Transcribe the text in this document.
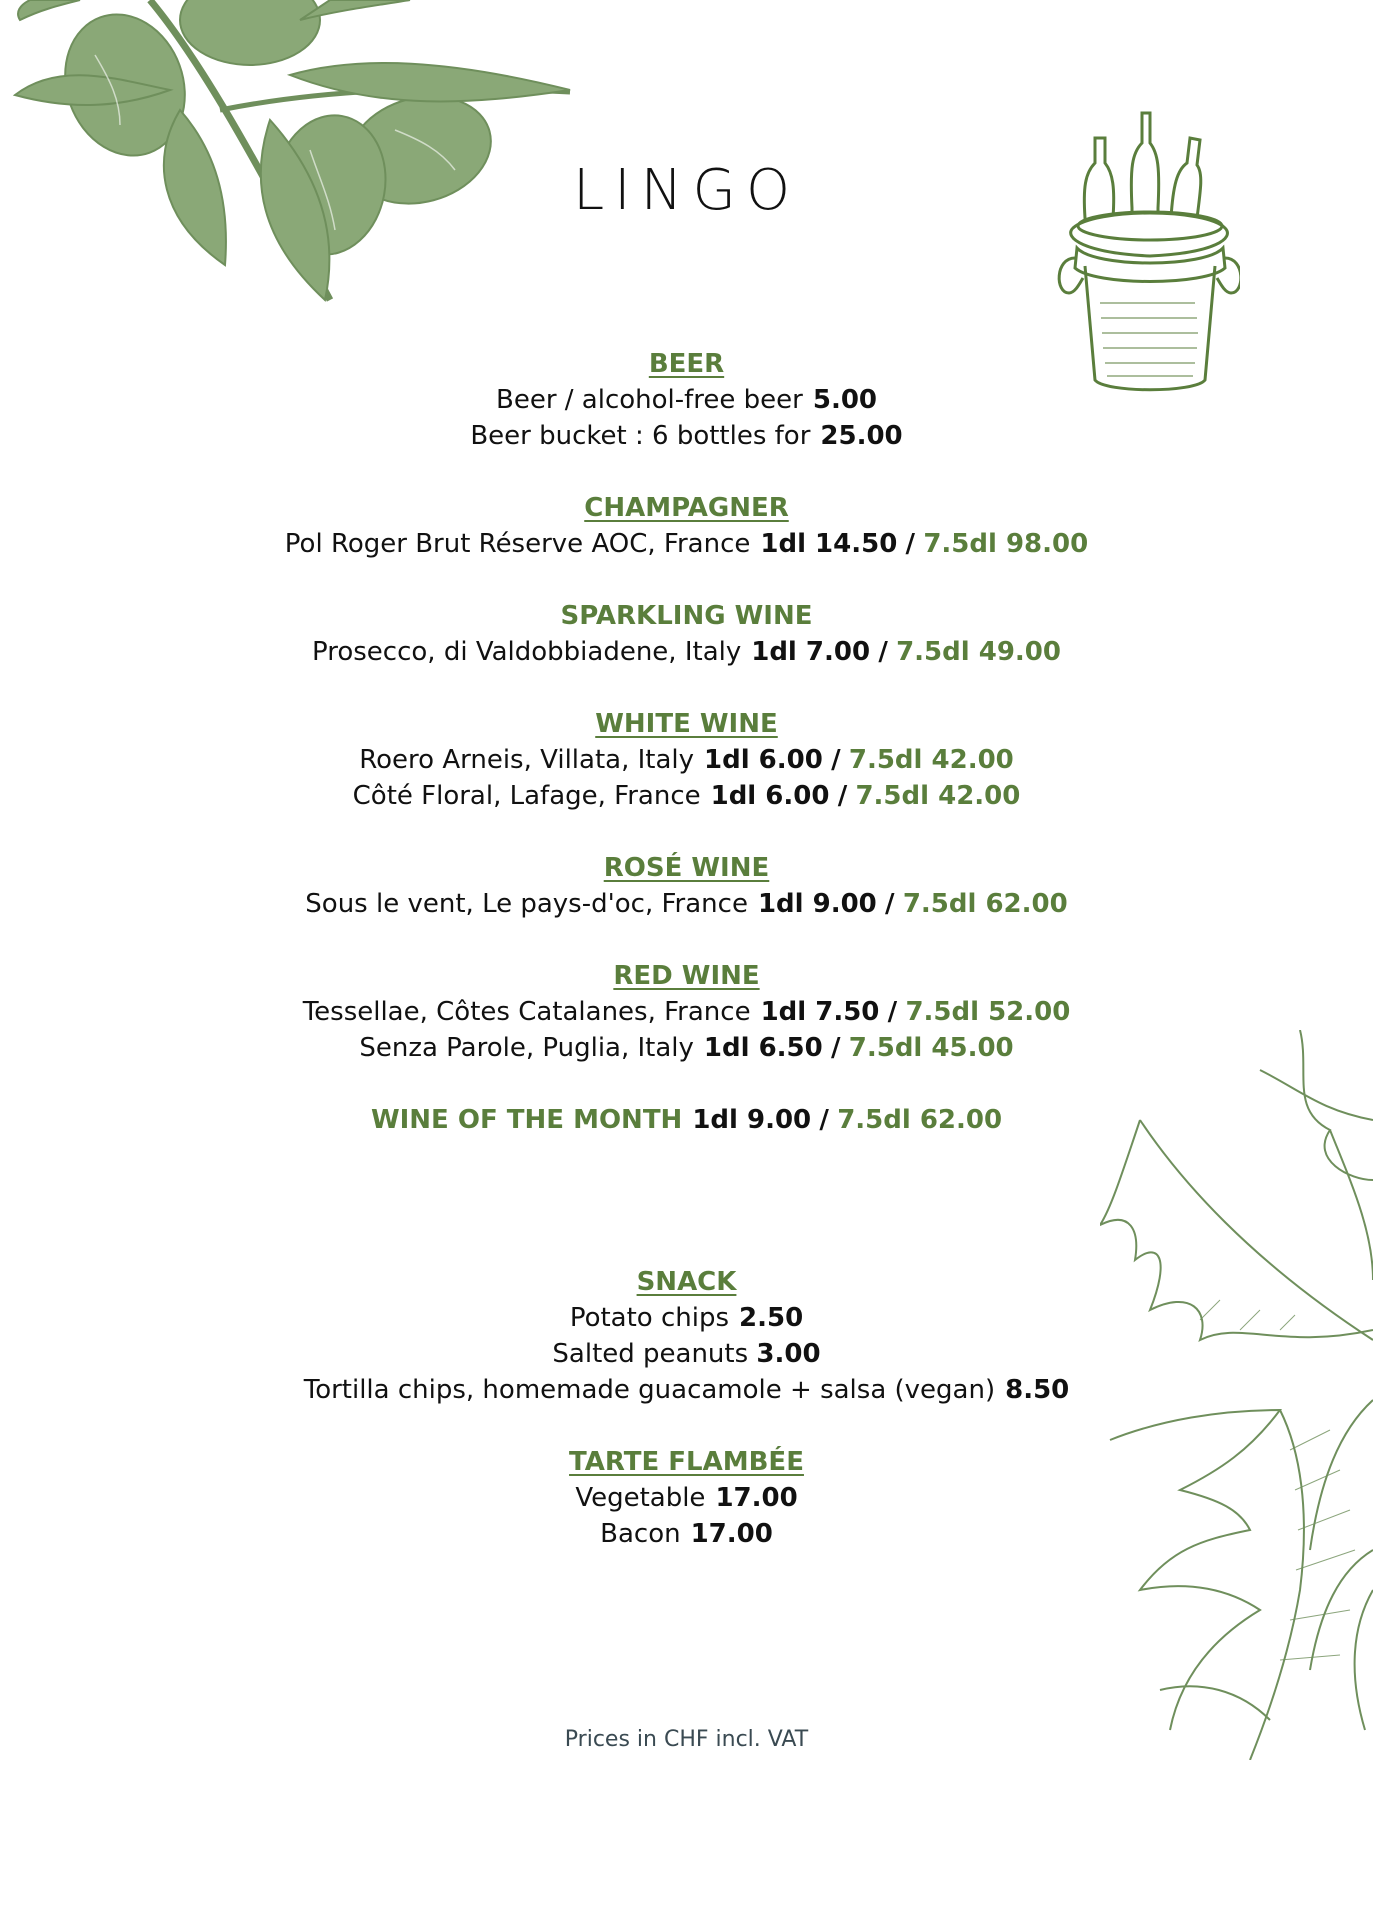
LINGO
BEER
Beer / alcohol-free beer 5.00
Beer bucket : 6 bottles for 25.00
CHAMPAGNER
Pol Roger Brut Réserve AOC, France 1dl 14.50 / 7.5dl 98.00
SPARKLING WINE
Prosecco, di Valdobbiadene, Italy 1dl 7.00 / 7.5dl 49.00
WHITE WINE
Roero Arneis, Villata, Italy 1dl 6.00 / 7.5dl 42.00
Côté Floral, Lafage, France 1dl 6.00 / 7.5dl 42.00
ROSÉ WINE
Sous le vent, Le pays-d'oc, France 1dl 9.00 / 7.5dl 62.00
RED WINE
Tessellae, Côtes Catalanes, France 1dl 7.50 / 7.5dl 52.00
Senza Parole, Puglia, Italy 1dl 6.50 / 7.5dl 45.00
WINE OF THE MONTH 1dl 9.00 / 7.5dl 62.00
SNACK
Potato chips 2.50
Salted peanuts 3.00
Tortilla chips, homemade guacamole + salsa (vegan) 8.50
TARTE FLAMBÉE
Vegetable 17.00
Bacon 17.00
Prices in CHF incl. VAT
